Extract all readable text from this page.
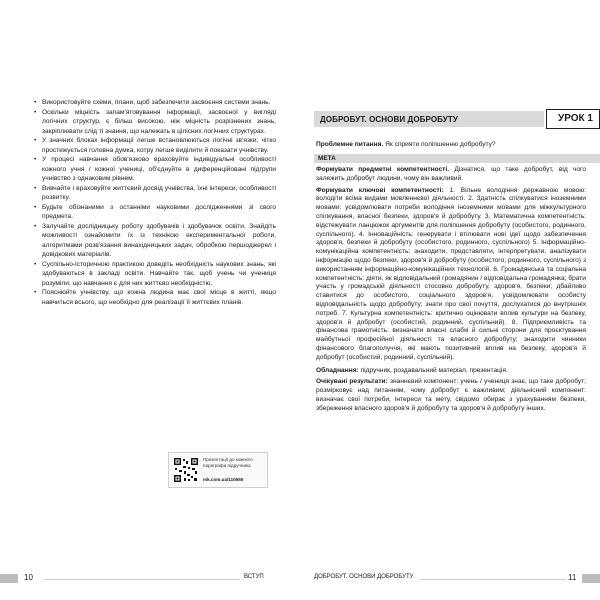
• Використовуйте схеми, плани, щоб забезпечити засвоєння системи знань.
• Оскільки міцність запам'ятовування інформації, засвоєної у вигляді логічних структур, є більш високою, ніж міцність розрізнених знань, закріплювати слід ті знання, що належать в цілісних логічних структурах.
• У значних блоках інформації легше встановлюються логічні зв'язки, чітко простежується головна думка, котру легше виділити й показати учнівству.
• У процесі навчання обов'язково враховуйте індивідуальні особливості кожного учня / кожної учениці, об'єднуйте в диференційовані підгрупи учнівство з однаковим рівнем.
• Вивчайте і враховуйте життєвий досвід учнівства, їхні інтереси, особливості розвитку.
• Будьте обізнаними з останніми науковими дослідженнями зі свого предмета.
• Залучайте дослідницьку роботу здобувачів і здобувачок освіти. Знайдіть можливості ознайомити їх із технікою експериментальної роботи, алгоритмами розв'язання винахідницьких задач, обробкою першоджерел і довідкових матеріалів.
• Суспільно-історичною практикою доведіть необхідність наукових знань, які здобуваються в закладі освіти. Навчайте так, щоб учень чи учениця розуміли, що навчання є для них життєво необхідністю.
• Пояснюйте учнівству, що кожна людина має свої місце в житті, якщо навчиться всього, що необхідно для реалізації її життєвих планів.
Презентації до кожного параграфа підручника
mk.com.ua/110665
10	ВСТУП
ДОБРОБУТ. ОСНОВИ ДОБРОБУТУ	УРОК 1
Проблемне питання. Як сприяти поліпшенню добробуту?
МЕТА
Формувати предметні компетентності. Дізнатися, що таке добробут, від чого залежить добробут людини, чому він важливий.
Формувати ключові компетентності: 1. Вільне володіння державною мовою: володіти всіма видами мовленнєвої діяльності. 2. Здатність спілкуватися іноземними мовами: усвідомлювати потреби володіння іноземними мовами для міжкультурного спілкування, власної безпеки, здоров'я й добробуту. 3. Математична компетентність: відстежувати ланцюжок аргументів для поліпшення добробуту (особистого, родинного, суспільного). 4. Інноваційність: генерувати і втілювати нові ідеї щодо забезпечення здоров'я, безпеки й добробуту (особистого, родинного, суспільного) 5. Інформаційно-комунікаційна компетентність: знаходити, представляти, інтерпретувати, аналізувати інформацію щодо безпеки, здоров'я й добробуту (особистого, родинного, суспільного) з використанням інформаційно-комунікаційних технологій. 6. Громадянська та соціальна компетентність: діяти, як відповідальний громадянин / відповідальна громадянка; брати участь у громадській діяльності стосовно добробуту, здоров'я, безпеки; дбайливо ставитися до особистого, соціального здоров'я, усвідомлювати особисту відповідальність щодо добробуту; знати про свої почуття, дослухатися до внутрішніх потреб. 7. Культурна компетентність: критично оцінювати вплив культури на безпеку, здоров'я й добробут (особистий, родинний, суспільний). 8. Підприємливість та фінансова грамотність: визначати власні слабкі й сильні сторони для проєктування майбутньої професійної діяльності та власного добробуту; знаходити чинники фінансового благополуччя, які мають позитивний вплив на безпеку, здоров'я й добробут (особистий, родинний, суспільний).
Обладнання: підручник, роздавальний матеріал, презентація.
Очікувані результати: знаннєвий компонент: учень / учениця знає, що таке добробут; розмірковує над питанням, чому добробут є важливим; діяльнісний компонент: визначає свої потреби, інтереси та мету, свідомо обирає з урахуванням безпеки, збереження власного здоров'я й добробуту та здоров'я й добробуту інших.
ДОБРОБУТ. ОСНОВИ ДОБРОБУТУ	11
